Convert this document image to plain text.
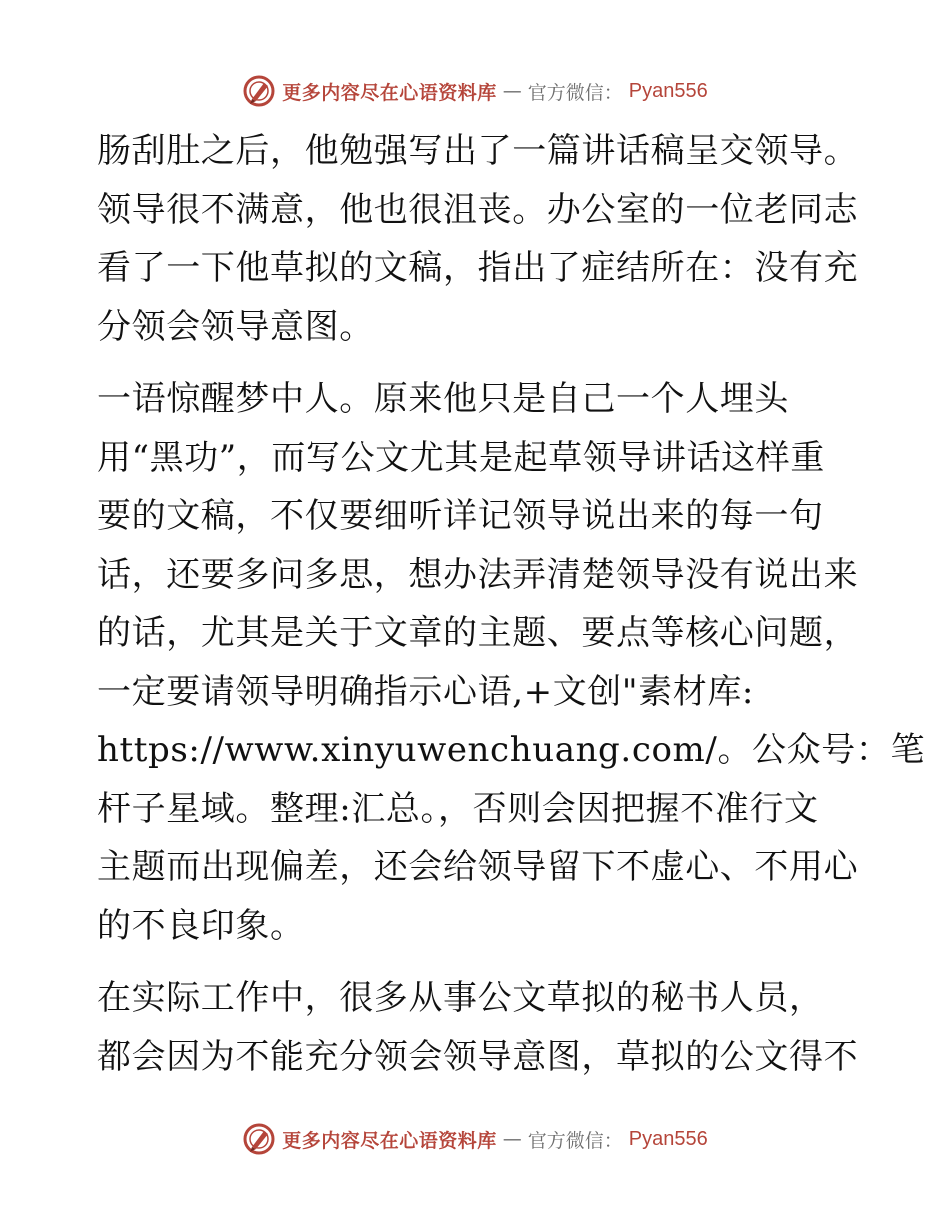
更多内容尽在心语资料库 — 官方微信： Pyan556
肠刮肚之后，他勉强写出了一篇讲话稿呈交领导。
领导很不满意，他也很沮丧。办公室的一位老同志
看了一下他草拟的文稿，指出了症结所在：没有充
分领会领导意图。
一语惊醒梦中人。原来他只是自己一个人埋头
用“黑功”，而写公文尤其是起草领导讲话这样重
要的文稿，不仅要细听详记领导说出来的每一句
话，还要多问多思，想办法弄清楚领导没有说出来
的话，尤其是关于文章的主题、要点等核心问题，
一定要请领导明确指示心语,+文创"素材库:
https://www.xinyuwenchuang.com/。公众号：笔
杆子星域。整理:汇总。，否则会因把握不准行文
主题而出现偏差，还会给领导留下不虚心、不用心
的不良印象。
在实际工作中，很多从事公文草拟的秘书人员，
都会因为不能充分领会领导意图，草拟的公文得不
更多内容尽在心语资料库 — 官方微信： Pyan556
